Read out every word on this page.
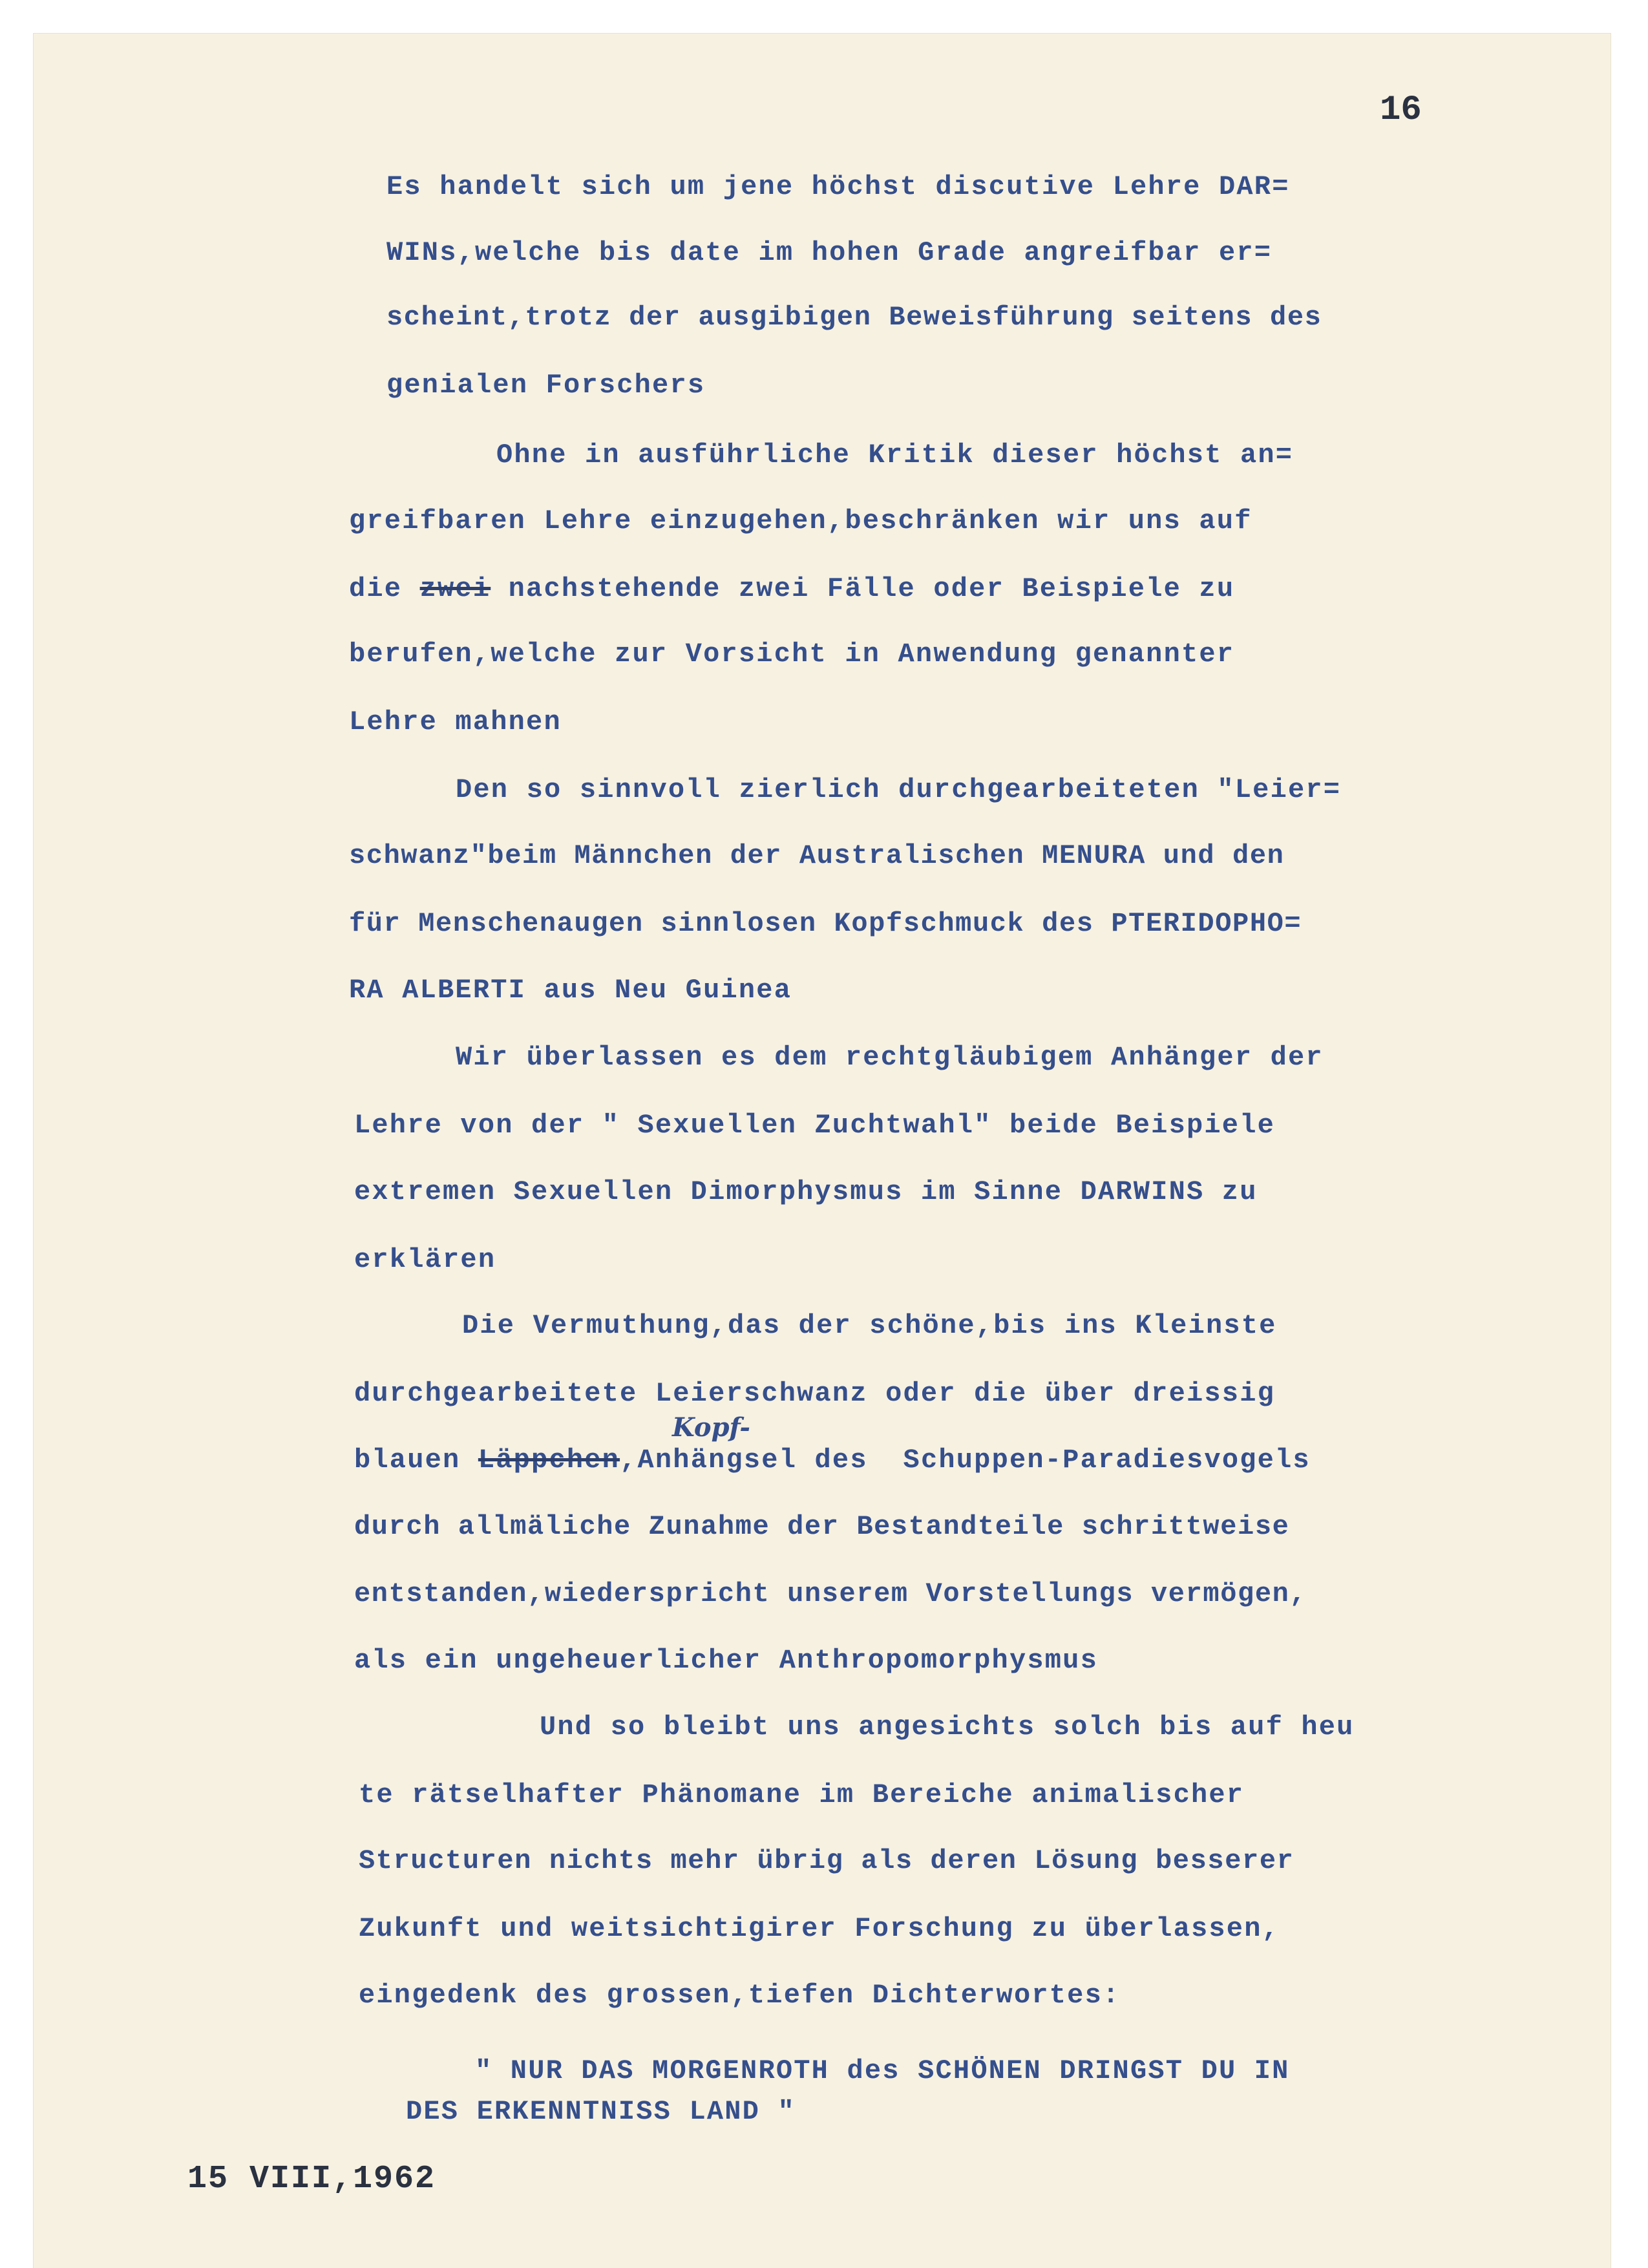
16
Es handelt sich um jene höchst discutive Lehre DAR=
WINs,welche bis date im hohen Grade angreifbar er=
scheint,trotz der ausgibigen Beweisführung seitens des
genialen Forschers
Ohne in ausführliche Kritik dieser höchst an=
greifbaren Lehre einzugehen,beschränken wir uns auf
die zwei nachstehende zwei Fälle oder Beispiele zu
berufen,welche zur Vorsicht in Anwendung genannter
Lehre mahnen
Den so sinnvoll zierlich durchgearbeiteten "Leier=
schwanz"beim Männchen der Australischen MENURA und den
für Menschenaugen sinnlosen Kopfschmuck des PTERIDOPHO=
RA ALBERTI aus Neu Guinea
Wir überlassen es dem rechtgläubigem Anhänger der
Lehre von der " Sexuellen Zuchtwahl" beide Beispiele
extremen Sexuellen Dimorphysmus im Sinne DARWINS zu
erklären
Die Vermuthung,das der schöne,bis ins Kleinste
durchgearbeitete Leierschwanz oder die über dreissig
Kopf-
blauen Läppchen,Anhängsel des  Schuppen-Paradiesvogels
durch allmäliche Zunahme der Bestandteile schrittweise
entstanden,wiederspricht unserem Vorstellungs vermögen,
als ein ungeheuerlicher Anthropomorphysmus
Und so bleibt uns angesichts solch bis auf heu
te rätselhafter Phänomane im Bereiche animalischer
Structuren nichts mehr übrig als deren Lösung besserer
Zukunft und weitsichtigirer Forschung zu überlassen,
eingedenk des grossen,tiefen Dichterwortes:
" NUR DAS MORGENROTH des SCHÖNEN DRINGST DU IN
DES ERKENNTNISS LAND "
15 VIII,1962
